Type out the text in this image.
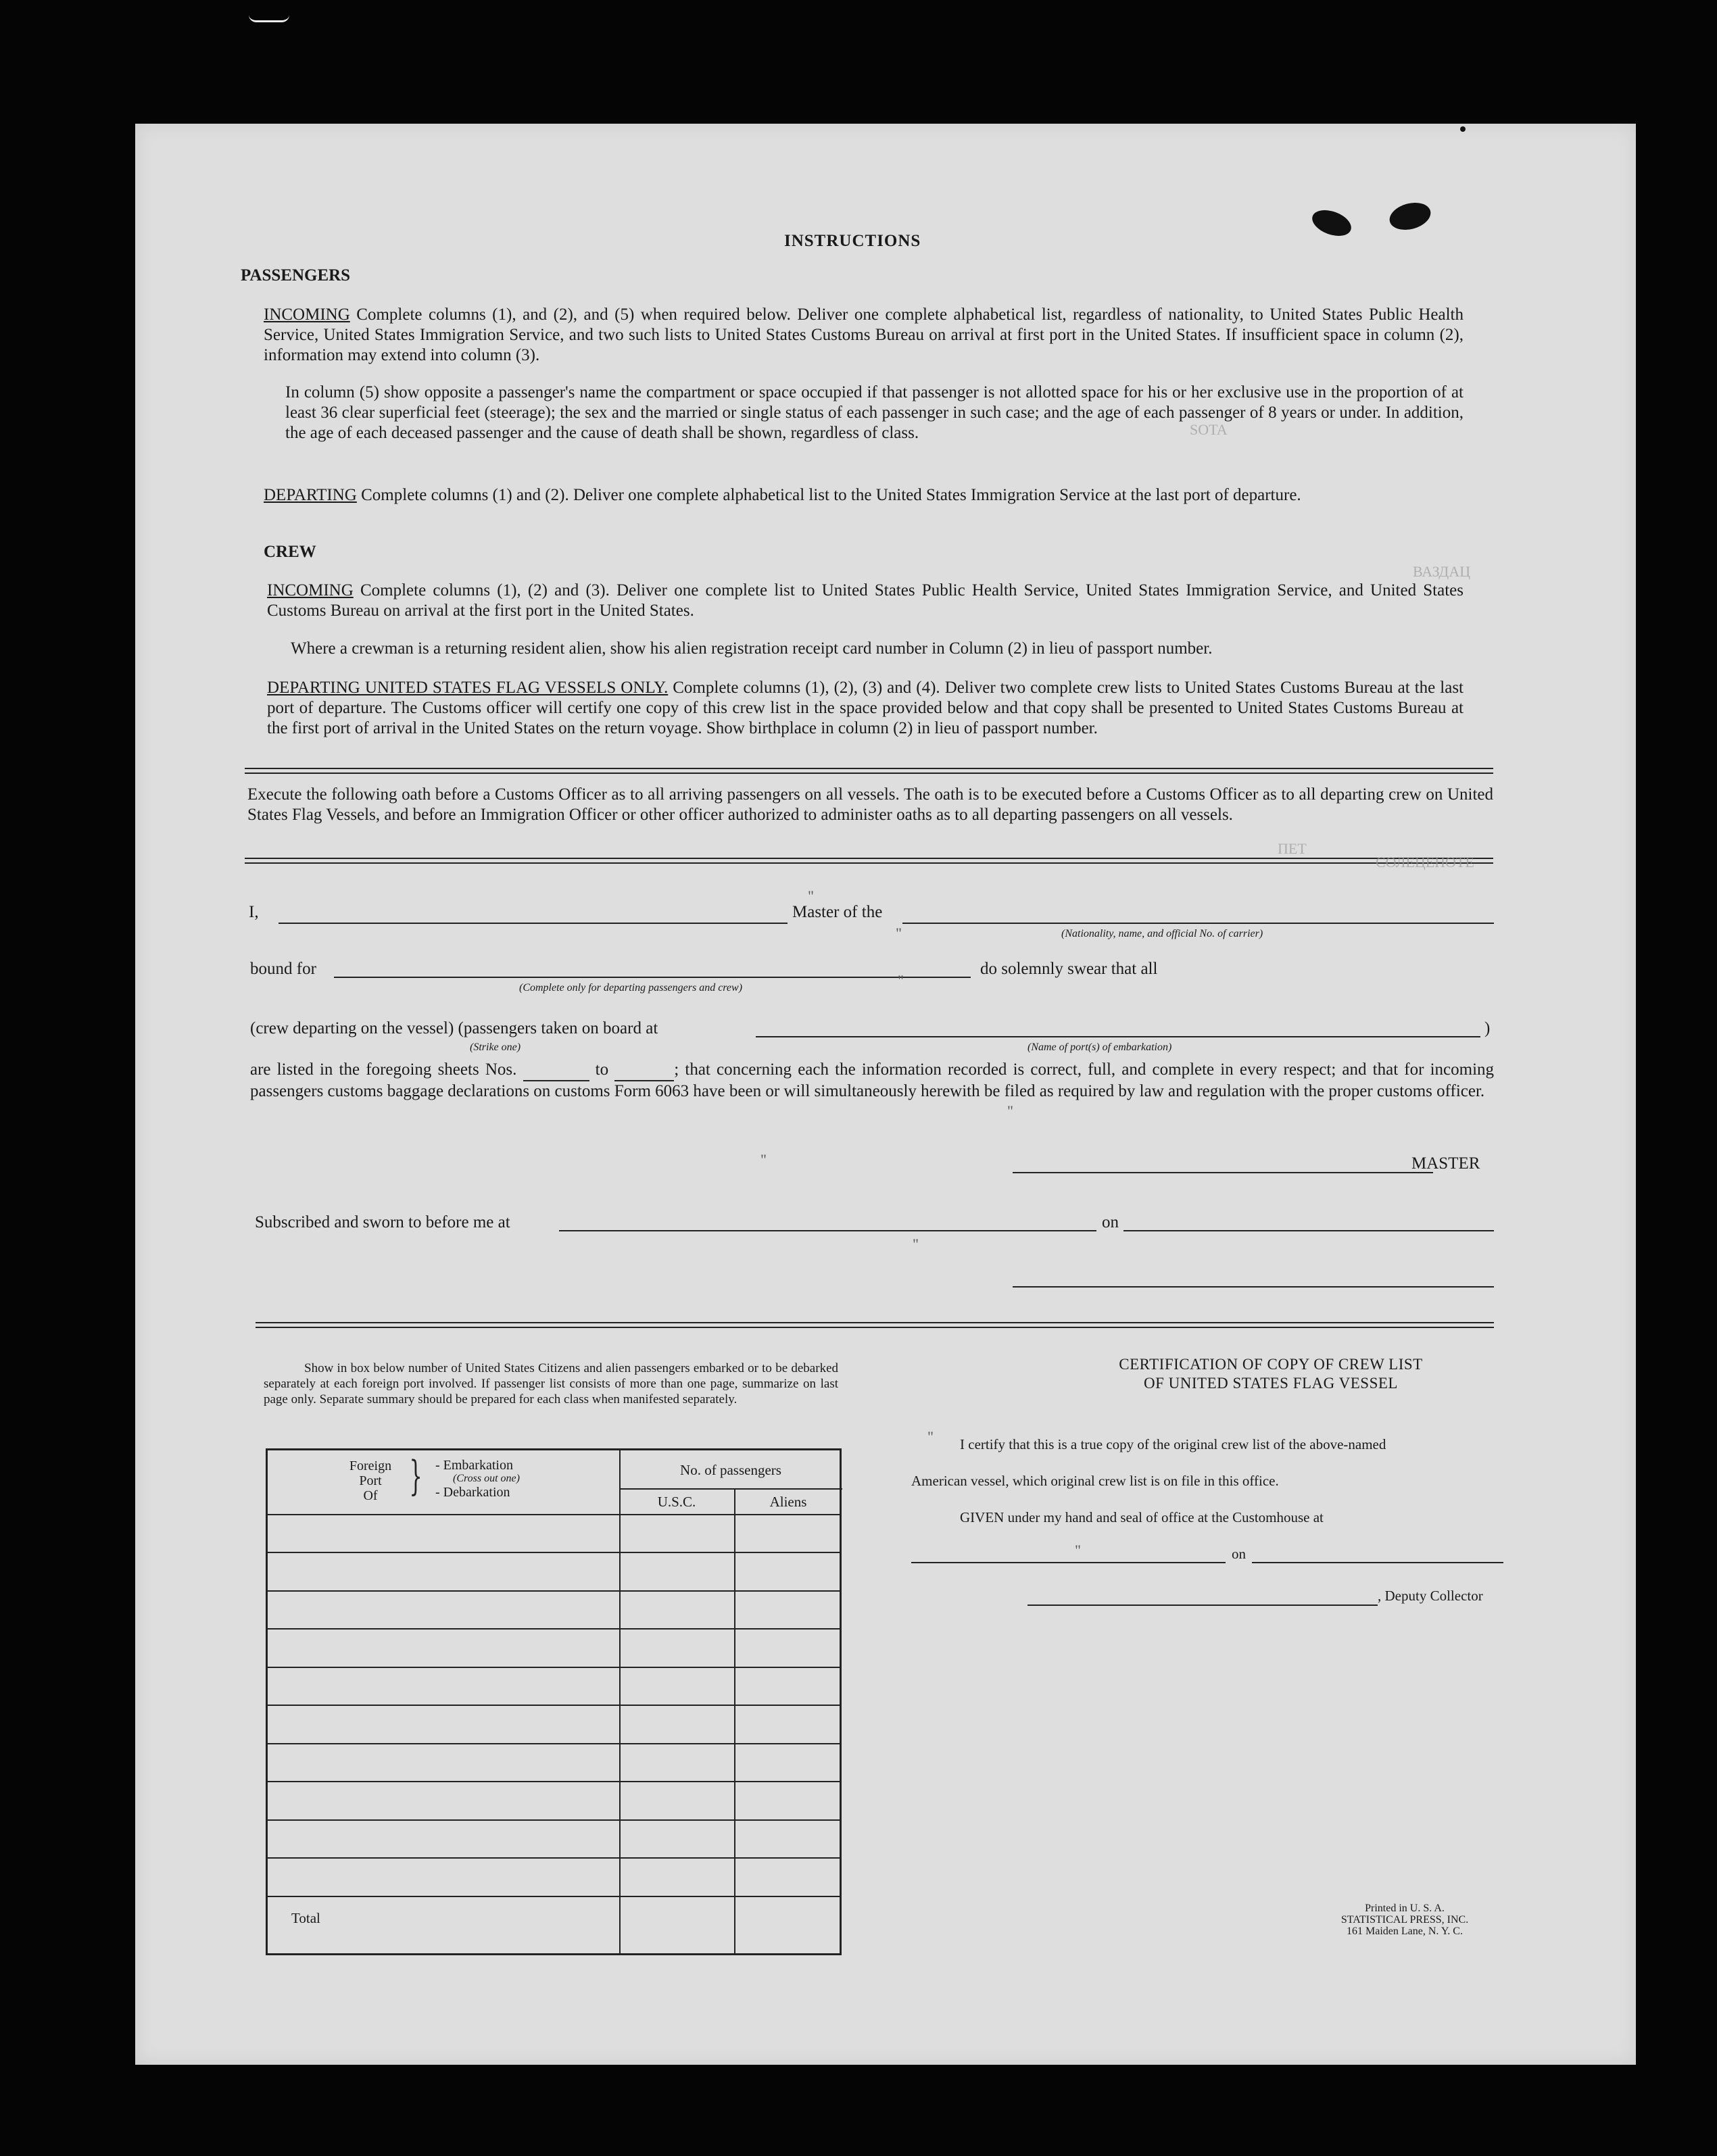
INSTRUCTIONS
PASSENGERS
INCOMING Complete columns (1), and (2), and (5) when required below. Deliver one complete alphabetical list, regardless of nationality, to United States Public Health Service, United States Immigration Service, and two such lists to United States Customs Bureau on arrival at first port in the United States. If insufficient space in column (2), information may extend into column (3).
In column (5) show opposite a passenger's name the compartment or space occupied if that passenger is not allotted space for his or her exclusive use in the proportion of at least 36 clear superficial feet (steerage); the sex and the married or single status of each passenger in such case; and the age of each passenger of 8 years or under. In addition, the age of each deceased passenger and the cause of death shall be shown, regardless of class.
DEPARTING Complete columns (1) and (2). Deliver one complete alphabetical list to the United States Immigration Service at the last port of departure.
CREW
INCOMING Complete columns (1), (2) and (3). Deliver one complete list to United States Public Health Service, United States Immigration Service, and United States Customs Bureau on arrival at the first port in the United States.
Where a crewman is a returning resident alien, show his alien registration receipt card number in Column (2) in lieu of passport number.
DEPARTING UNITED STATES FLAG VESSELS ONLY. Complete columns (1), (2), (3) and (4). Deliver two complete crew lists to United States Customs Bureau at the last port of departure. The Customs officer will certify one copy of this crew list in the space provided below and that copy shall be presented to United States Customs Bureau at the first port of arrival in the United States on the return voyage. Show birthplace in column (2) in lieu of passport number.
Execute the following oath before a Customs Officer as to all arriving passengers on all vessels. The oath is to be executed before a Customs Officer as to all departing crew on United States Flag Vessels, and before an Immigration Officer or other officer authorized to administer oaths as to all departing passengers on all vessels.
I,	Master of the
(Nationality, name, and official No. of carrier)
bound for
(Complete only for departing passengers and crew)
do solemnly swear that all
(crew departing on the vessel) (passengers taken on board at	)
(Strike one)	(Name of port(s) of embarkation)
are listed in the foregoing sheets Nos.	to	; that concerning each the information recorded is correct, full, and complete in every respect; and that for incoming passengers customs baggage declarations on customs Form 6063 have been or will simultaneously herewith be filed as required by law and regulation with the proper customs officer.
MASTER
Subscribed and sworn to before me at	on
Show in box below number of United States Citizens and alien passengers embarked or to be debarked separately at each foreign port involved. If passenger list consists of more than one page, summarize on last page only. Separate summary should be prepared for each class when manifested separately.
Foreign
Port
Of } - Embarkation
(Cross out one)
- Debarkation
No. of passengers
U.S.C.	Aliens
Total
CERTIFICATION OF COPY OF CREW LIST
OF UNITED STATES FLAG VESSEL
I certify that this is a true copy of the original crew list of the above-named
American vessel, which original crew list is on file in this office.
GIVEN under my hand and seal of office at the Customhouse at
on
, Deputy Collector
Printed in U. S. A.
STATISTICAL PRESS, INC.
161 Maiden Lane, N. Y. C.
"
"
"
"
"
"
"
"
SOTA
ВАЗДАЦ
СОЛЕЦЕНОТЕ
ПЕТ
